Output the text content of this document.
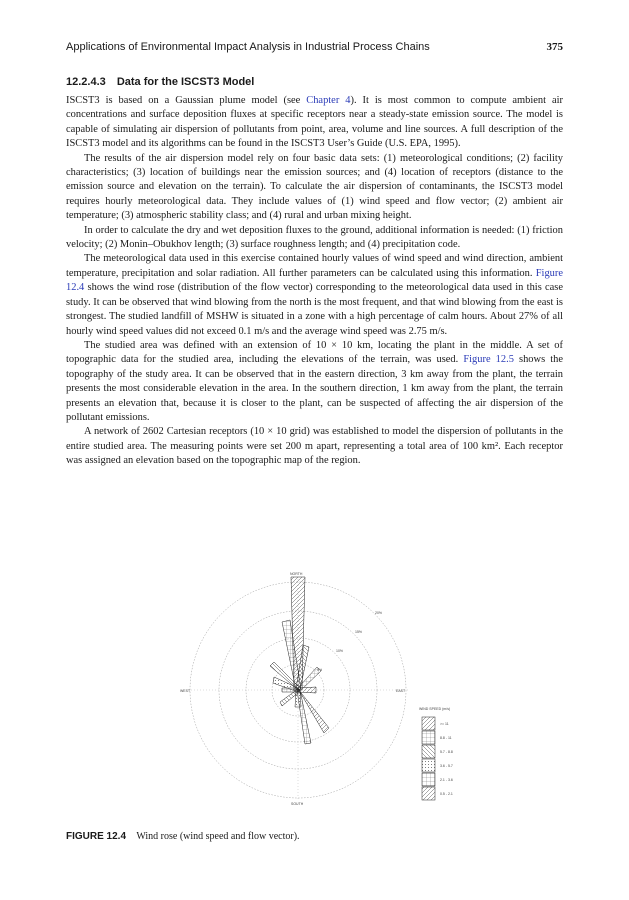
Applications of Environmental Impact Analysis in Industrial Process Chains	375
12.2.4.3 Data for the ISCST3 Model

ISCST3 is based on a Gaussian plume model (see Chapter 4). It is most common to compute ambient air concentrations and surface deposition fluxes at specific receptors near a steady-state emission source. The model is capable of simulating air dispersion of pollutants from point, area, volume and line sources. A full description of the ISCST3 model and its algorithms can be found in the ISCST3 User’s Guide (U.S. EPA, 1995).

The results of the air dispersion model rely on four basic data sets: (1) meteorological conditions; (2) facility characteristics; (3) location of buildings near the emission sources; and (4) location of receptors (distance to the emission source and elevation on the terrain). To calculate the air dispersion of contaminants, the ISCST3 model requires hourly meteorological data. They include values of (1) wind speed and flow vector; (2) ambient air temperature; (3) atmospheric stability class; and (4) rural and urban mixing height.

In order to calculate the dry and wet deposition fluxes to the ground, additional information is needed: (1) friction velocity; (2) Monin–Obukhov length; (3) surface roughness length; and (4) precipitation code.

The meteorological data used in this exercise contained hourly values of wind speed and wind direction, ambient temperature, precipitation and solar radiation. All further parameters can be calculated using this information. Figure 12.4 shows the wind rose (distribution of the flow vector) corresponding to the meteorological data used in this case study. It can be observed that wind blowing from the north is the most frequent, and that wind blowing from the east is strongest. The studied landfill of MSHW is situated in a zone with a high percentage of calm hours. About 27% of all hourly wind speed values did not exceed 0.1 m/s and the average wind speed was 2.75 m/s.

The studied area was defined with an extension of 10 × 10 km, locating the plant in the middle. A set of topographic data for the studied area, including the elevations of the terrain, was used. Figure 12.5 shows the topography of the study area. It can be observed that in the eastern direction, 3 km away from the plant, the terrain presents the most considerable elevation in the area. In the southern direction, 1 km away from the plant, the terrain presents an elevation that, because it is closer to the plant, can be suspected of affecting the air dispersion of the pollutant emissions.

A network of 2602 Cartesian receptors (10 × 10 grid) was established to model the dispersion of pollutants in the entire studied area. The measuring points were set 200 m apart, representing a total area of 100 km². Each receptor was assigned an elevation based on the topographic map of the region.

NORTH
SOUTH
WEST	EAST
5%
10%
15%
20%
WIND SPEED (m/s)
>= 11
8.8 - 11
5.7 - 8.8
3.6 - 5.7
2.1 - 3.6
0.5 - 2.1
FIGURE 12.4 Wind rose (wind speed and flow vector).
